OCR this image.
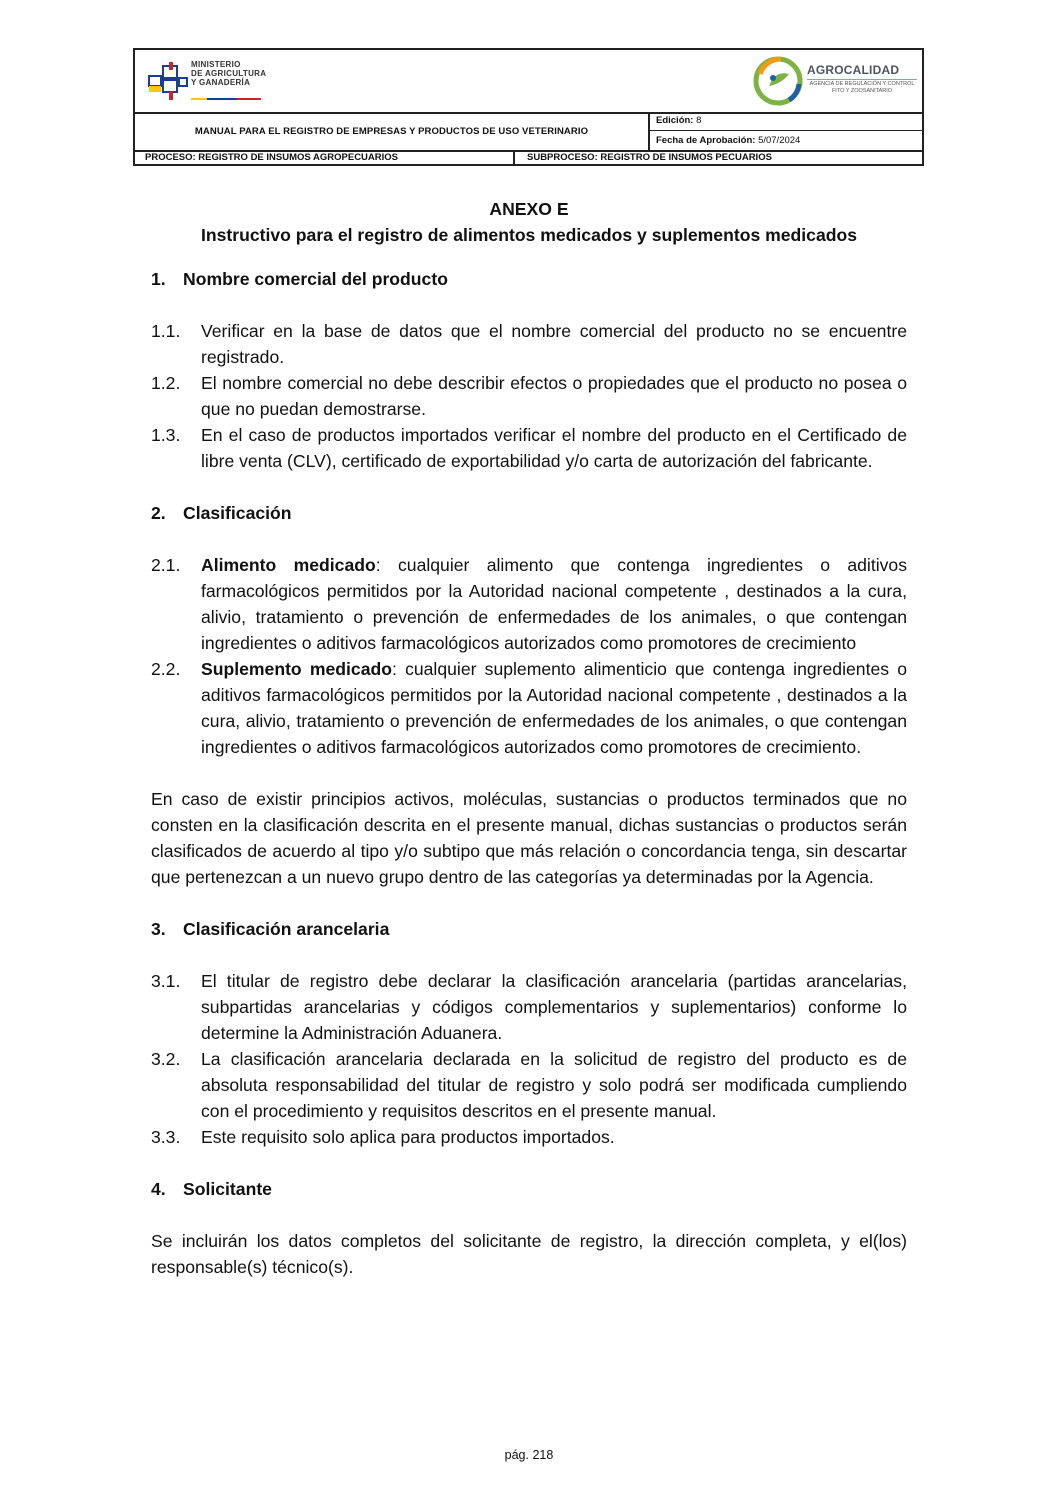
MINISTERIO
DE AGRICULTURA
Y GANADERÍA
AGROCALIDAD
AGENCIA DE REGULACIÓN Y CONTROL FITO Y ZOOSANITARIO
MANUAL PARA EL REGISTRO DE EMPRESAS Y PRODUCTOS DE USO VETERINARIO
Edición: 8
Fecha de Aprobación: 5/07/2024
PROCESO: REGISTRO DE INSUMOS AGROPECUARIOS	SUBPROCESO: REGISTRO DE INSUMOS PECUARIOS
ANEXO E
Instructivo para el registro de alimentos medicados y suplementos medicados
1. Nombre comercial del producto
1.1.	Verificar en la base de datos que el nombre comercial del producto no se encuentre registrado.
1.2.	El nombre comercial no debe describir efectos o propiedades que el producto no posea o que no puedan demostrarse.
1.3.	En el caso de productos importados verificar el nombre del producto en el Certificado de libre venta (CLV), certificado de exportabilidad y/o carta de autorización del fabricante.
2. Clasificación
2.1.	Alimento medicado: cualquier alimento que contenga ingredientes o aditivos farmacológicos permitidos por la Autoridad nacional competente , destinados a la cura, alivio, tratamiento o prevención de enfermedades de los animales, o que contengan ingredientes o aditivos farmacológicos autorizados como promotores de crecimiento
2.2.	Suplemento medicado: cualquier suplemento alimenticio que contenga ingredientes o aditivos farmacológicos permitidos por la Autoridad nacional competente , destinados a la cura, alivio, tratamiento o prevención de enfermedades de los animales, o que contengan ingredientes o aditivos farmacológicos autorizados como promotores de crecimiento.

En caso de existir principios activos, moléculas, sustancias o productos terminados que no consten en la clasificación descrita en el presente manual, dichas sustancias o productos serán clasificados de acuerdo al tipo y/o subtipo que más relación o concordancia tenga, sin descartar que pertenezcan a un nuevo grupo dentro de las categorías ya determinadas por la Agencia.

3. Clasificación arancelaria
3.1.	El titular de registro debe declarar la clasificación arancelaria (partidas arancelarias, subpartidas arancelarias y códigos complementarios y suplementarios) conforme lo determine la Administración Aduanera.
3.2.	La clasificación arancelaria declarada en la solicitud de registro del producto es de absoluta responsabilidad del titular de registro y solo podrá ser modificada cumpliendo con el procedimiento y requisitos descritos en el presente manual.
3.3.	Este requisito solo aplica para productos importados.
4. Solicitante

Se incluirán los datos completos del solicitante de registro, la dirección completa, y el(los) responsable(s) técnico(s).

pág. 218
